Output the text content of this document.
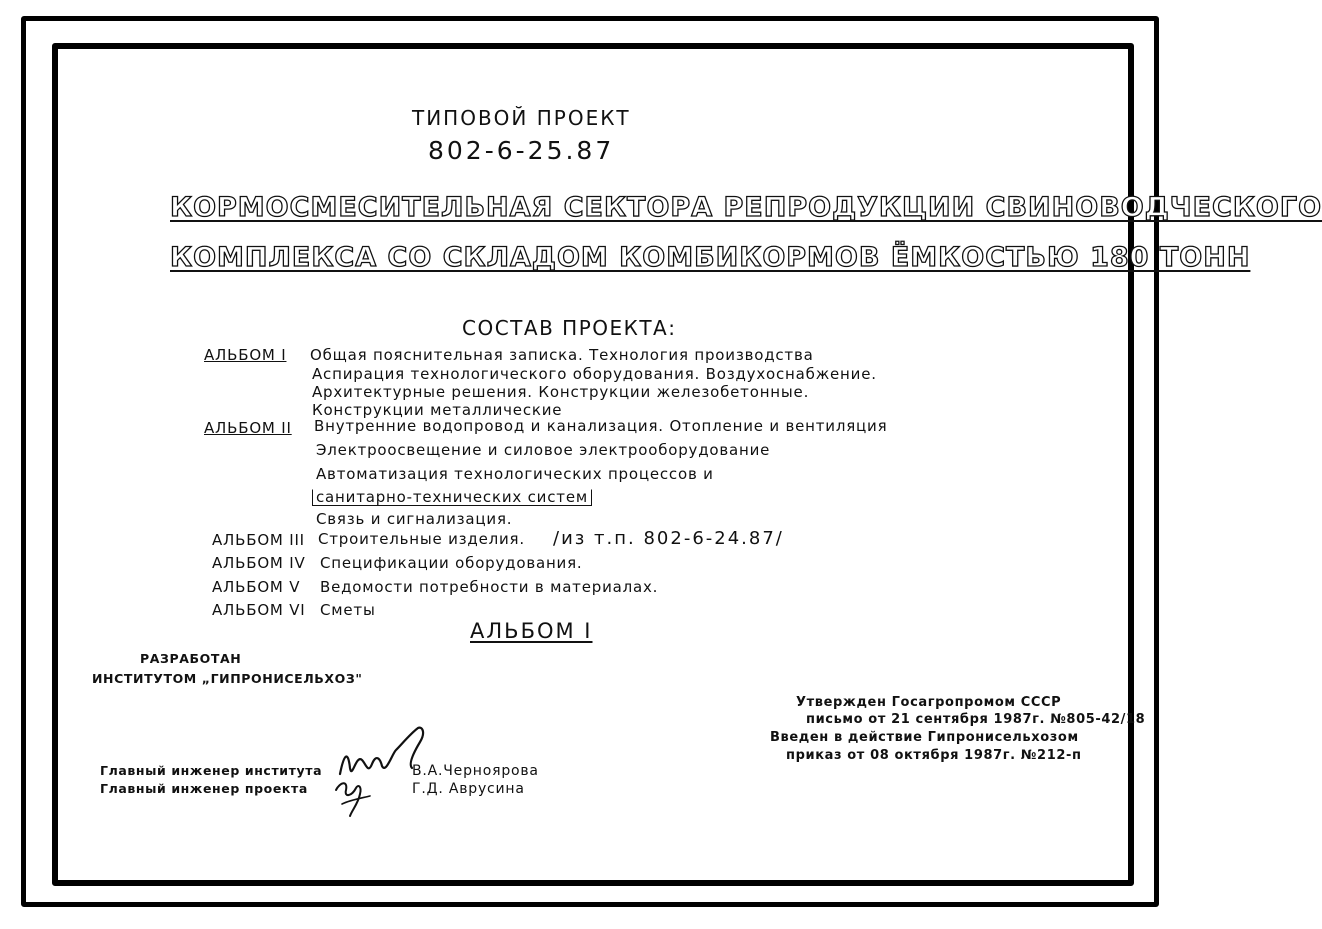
ТИПОВОЙ ПРОЕКТ
802-6-25.87
КОРМОСМЕСИТЕЛЬНАЯ СЕКТОРА РЕПРОДУКЦИИ СВИНОВОДЧЕСКОГО
КОМПЛЕКСА СО СКЛАДОМ КОМБИКОРМОВ ЁМКОСТЬЮ 180 ТОНН
СОСТАВ ПРОЕКТА:
АЛЬБОМ I Общая пояснительная записка. Технология производства
Аспирация технологического оборудования. Воздухоснабжение.
Архитектурные решения. Конструкции железобетонные.
Конструкции металлические
АЛЬБОМ II Внутренние водопровод и канализация. Отопление и вентиляция
Электроосвещение и силовое электрооборудование
Автоматизация технологических процессов и
санитарно-технических систем
Связь и сигнализация.
АЛЬБОМ III Строительные изделия. /из т.п. 802-6-24.87/
АЛЬБОМ IV Спецификации оборудования.
АЛЬБОМ V Ведомости потребности в материалах.
АЛЬБОМ VI Сметы
АЛЬБОМ I
РАЗРАБОТАН
ИНСТИТУТОМ „ГИПРОНИСЕЛЬХОЗ"
Утвержден Госагропромом СССР
письмо от 21 сентября 1987г. №805-42/18
Введен в действие Гипронисельхозом
приказ от 08 октября 1987г. №212-п
Главный инженер института
Главный инженер проекта
В.А.Черноярова
Г.Д. Аврусина
